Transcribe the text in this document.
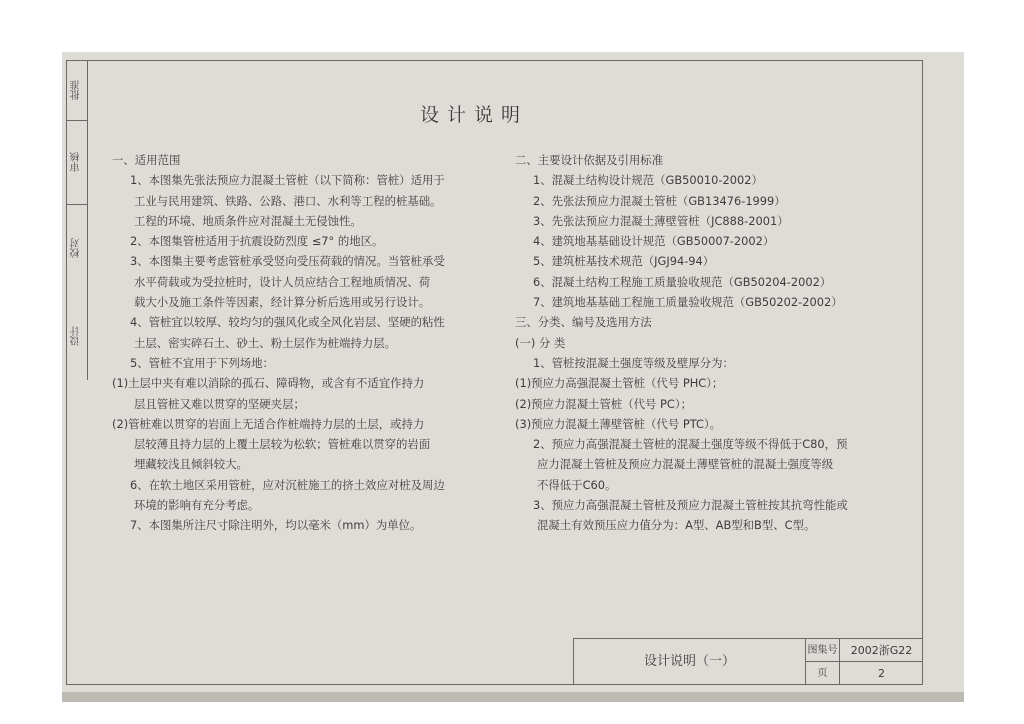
批准
审核
校对
设计
设计说明

一、适用范围

1、本图集先张法预应力混凝土管桩（以下简称：管桩）适用于

工业与民用建筑、铁路、公路、港口、水利等工程的桩基础。

工程的环境、地质条件应对混凝土无侵蚀性。

2、本图集管桩适用于抗震设防烈度 ≤7° 的地区。

3、本图集主要考虑管桩承受竖向受压荷载的情况。当管桩承受

水平荷载或为受拉桩时，设计人员应结合工程地质情况、荷

载大小及施工条件等因素，经计算分析后选用或另行设计。

4、管桩宜以较厚、较均匀的强风化或全风化岩层、坚硬的粘性

土层、密实碎石土、砂土、粉土层作为桩端持力层。

5、管桩不宜用于下列场地：

(1)土层中夹有难以消除的孤石、障碍物，或含有不适宜作持力

层且管桩又难以贯穿的坚硬夹层；

(2)管桩难以贯穿的岩面上无适合作桩端持力层的土层，或持力

层较薄且持力层的上覆土层较为松软；管桩难以贯穿的岩面

埋藏较浅且倾斜较大。

6、在软土地区采用管桩，应对沉桩施工的挤土效应对桩及周边

环境的影响有充分考虑。

7、本图集所注尺寸除注明外，均以毫米（mm）为单位。

二、主要设计依据及引用标准

1、混凝土结构设计规范（GB50010-2002）

2、先张法预应力混凝土管桩（GB13476-1999）

3、先张法预应力混凝土薄壁管桩（JC888-2001）

4、建筑地基基础设计规范（GB50007-2002）

5、建筑桩基技术规范（JGJ94-94）

6、混凝土结构工程施工质量验收规范（GB50204-2002）

7、建筑地基基础工程施工质量验收规范（GB50202-2002）

三、分类、编号及选用方法

(一) 分 类

1、管桩按混凝土强度等级及壁厚分为：

(1)预应力高强混凝土管桩（代号 PHC）；

(2)预应力混凝土管桩（代号 PC）；

(3)预应力混凝土薄壁管桩（代号 PTC）。

2、预应力高强混凝土管桩的混凝土强度等级不得低于C80，预

应力混凝土管桩及预应力混凝土薄壁管桩的混凝土强度等级

不得低于C60。

3、预应力高强混凝土管桩及预应力混凝土管桩按其抗弯性能或

混凝土有效预压应力值分为：A型、AB型和B型、C型。

设计说明（一）
图集号	2002浙G22
页	2
